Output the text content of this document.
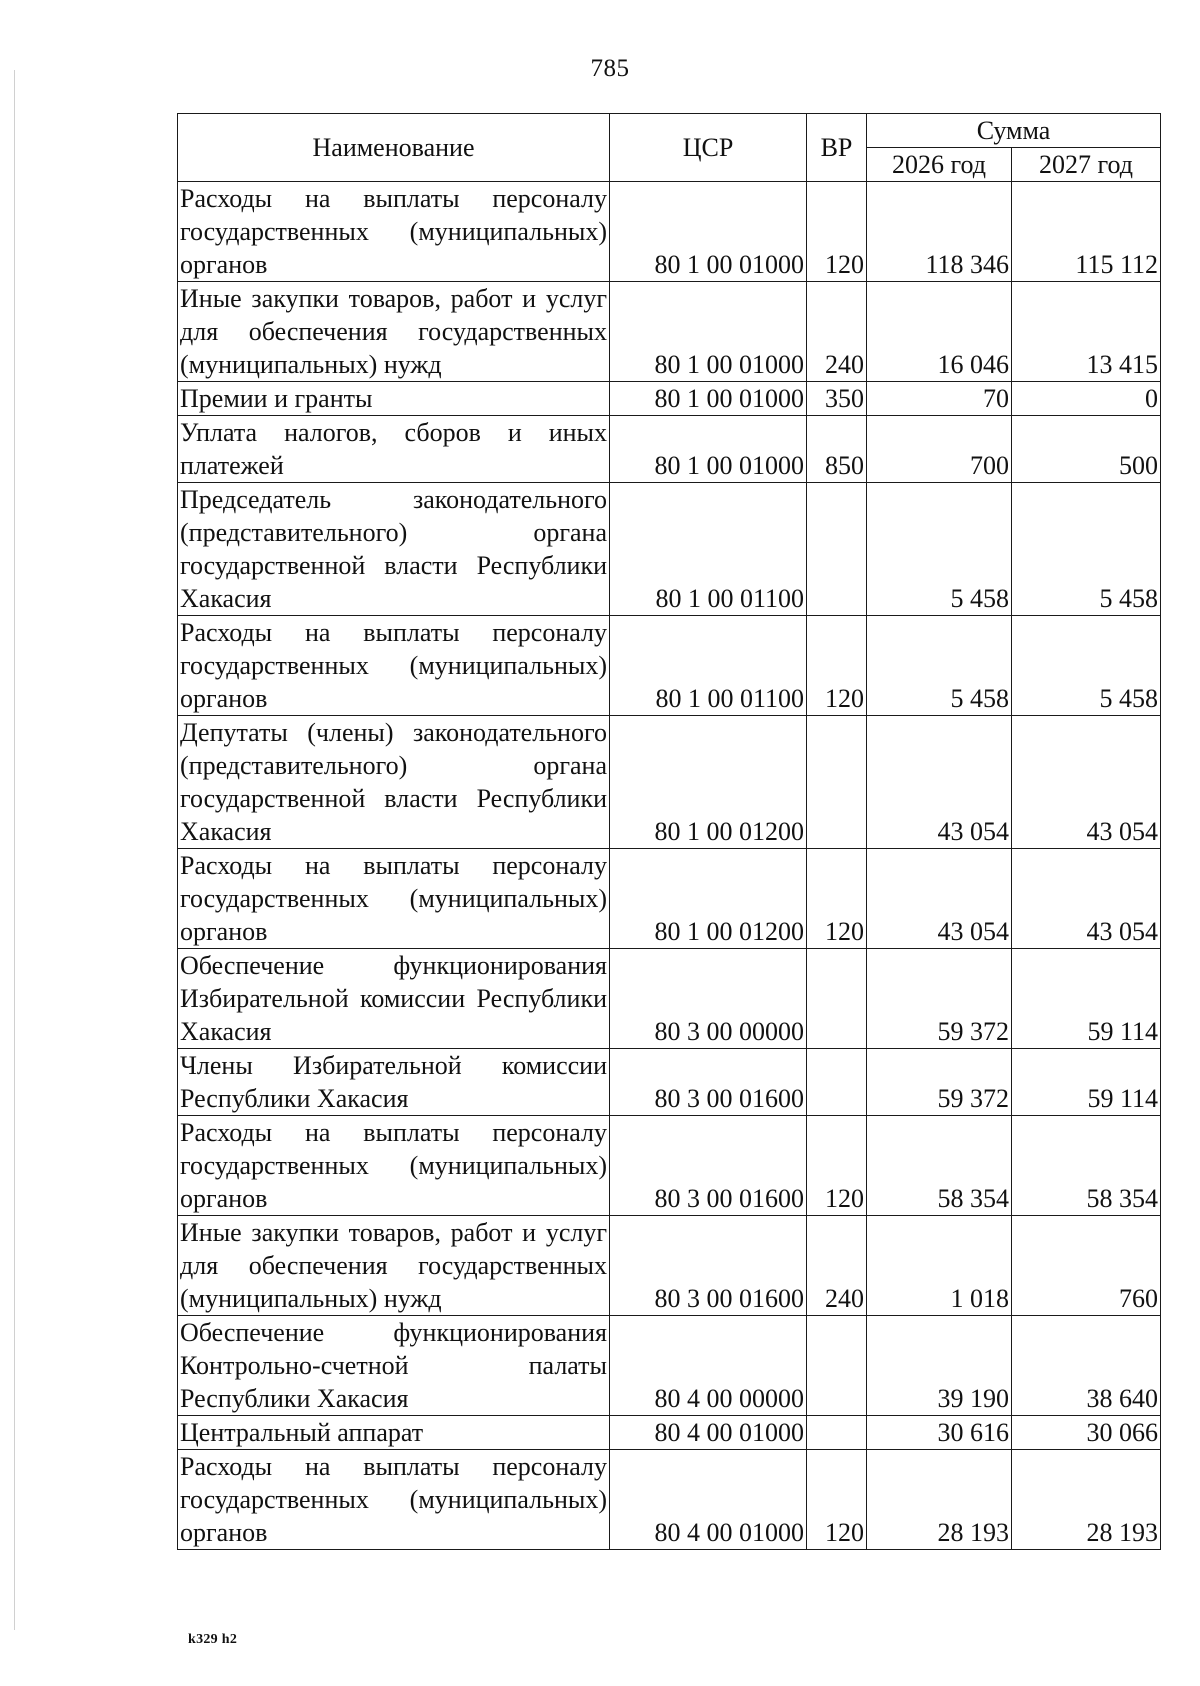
785
Наименование	ЦСР	ВР	Сумма	
			2026 год	2027 год
Расходы на выплаты персоналу государственных (муниципальных) органов	80 1 00 01000	120	118 346	115 112
Иные закупки товаров, работ и услуг для обеспечения государственных (муниципальных) нужд	80 1 00 01000	240	16 046	13 415
Премии и гранты	80 1 00 01000	350	70	0
Уплата налогов, сборов и иных платежей	80 1 00 01000	850	700	500
Председатель законодательного (представительного) органа государственной власти Республики Хакасия	80 1 00 01100		5 458	5 458
Расходы на выплаты персоналу государственных (муниципальных) органов	80 1 00 01100	120	5 458	5 458
Депутаты (члены) законодательного (представительного) органа государственной власти Республики Хакасия	80 1 00 01200		43 054	43 054
Расходы на выплаты персоналу государственных (муниципальных) органов	80 1 00 01200	120	43 054	43 054
Обеспечение функционирования Избирательной комиссии Республики Хакасия	80 3 00 00000		59 372	59 114
Члены Избирательной комиссии Республики Хакасия	80 3 00 01600		59 372	59 114
Расходы на выплаты персоналу государственных (муниципальных) органов	80 3 00 01600	120	58 354	58 354
Иные закупки товаров, работ и услуг для обеспечения государственных (муниципальных) нужд	80 3 00 01600	240	1 018	760
Обеспечение функционирования Контрольно-счетной палаты Республики Хакасия	80 4 00 00000		39 190	38 640
Центральный аппарат	80 4 00 01000		30 616	30 066
Расходы на выплаты персоналу государственных (муниципальных) органов	80 4 00 01000	120	28 193	28 193
k329 h2
